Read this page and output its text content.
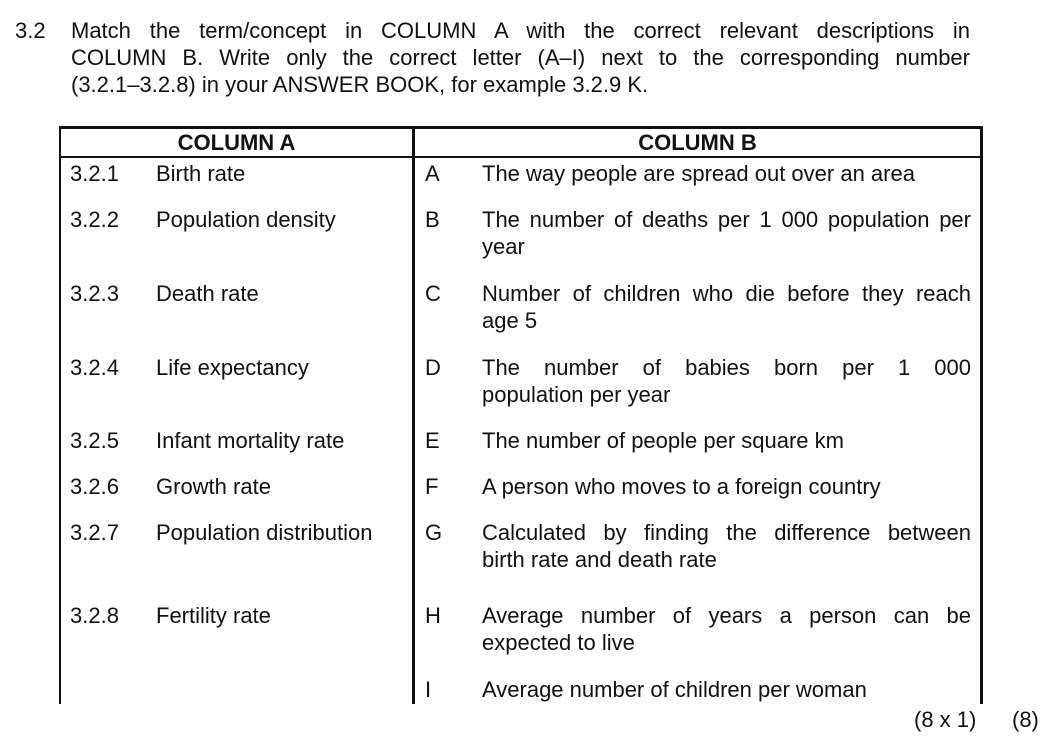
3.2 Match the term/concept in COLUMN A with the correct relevant descriptions in
COLUMN B. Write only the correct letter (A–I) next to the corresponding number
(3.2.1–3.2.8) in your ANSWER BOOK, for example 3.2.9 K.
COLUMN A	COLUMN B
3.2.1 Birth rate
3.2.2 Population density
3.2.3 Death rate
3.2.4 Life expectancy
3.2.5 Infant mortality rate
3.2.6 Growth rate
3.2.7 Population distribution
3.2.8 Fertility rate
A The way people are spread out over an area
B The number of deaths per 1 000 population per
year
C Number of children who die before they reach
age 5
D The number of babies born per 1 000
population per year
E The number of people per square km
F A person who moves to a foreign country
G Calculated by finding the difference between
birth rate and death rate
H Average number of years a person can be
expected to live
I Average number of children per woman
(8 x 1) (8)
